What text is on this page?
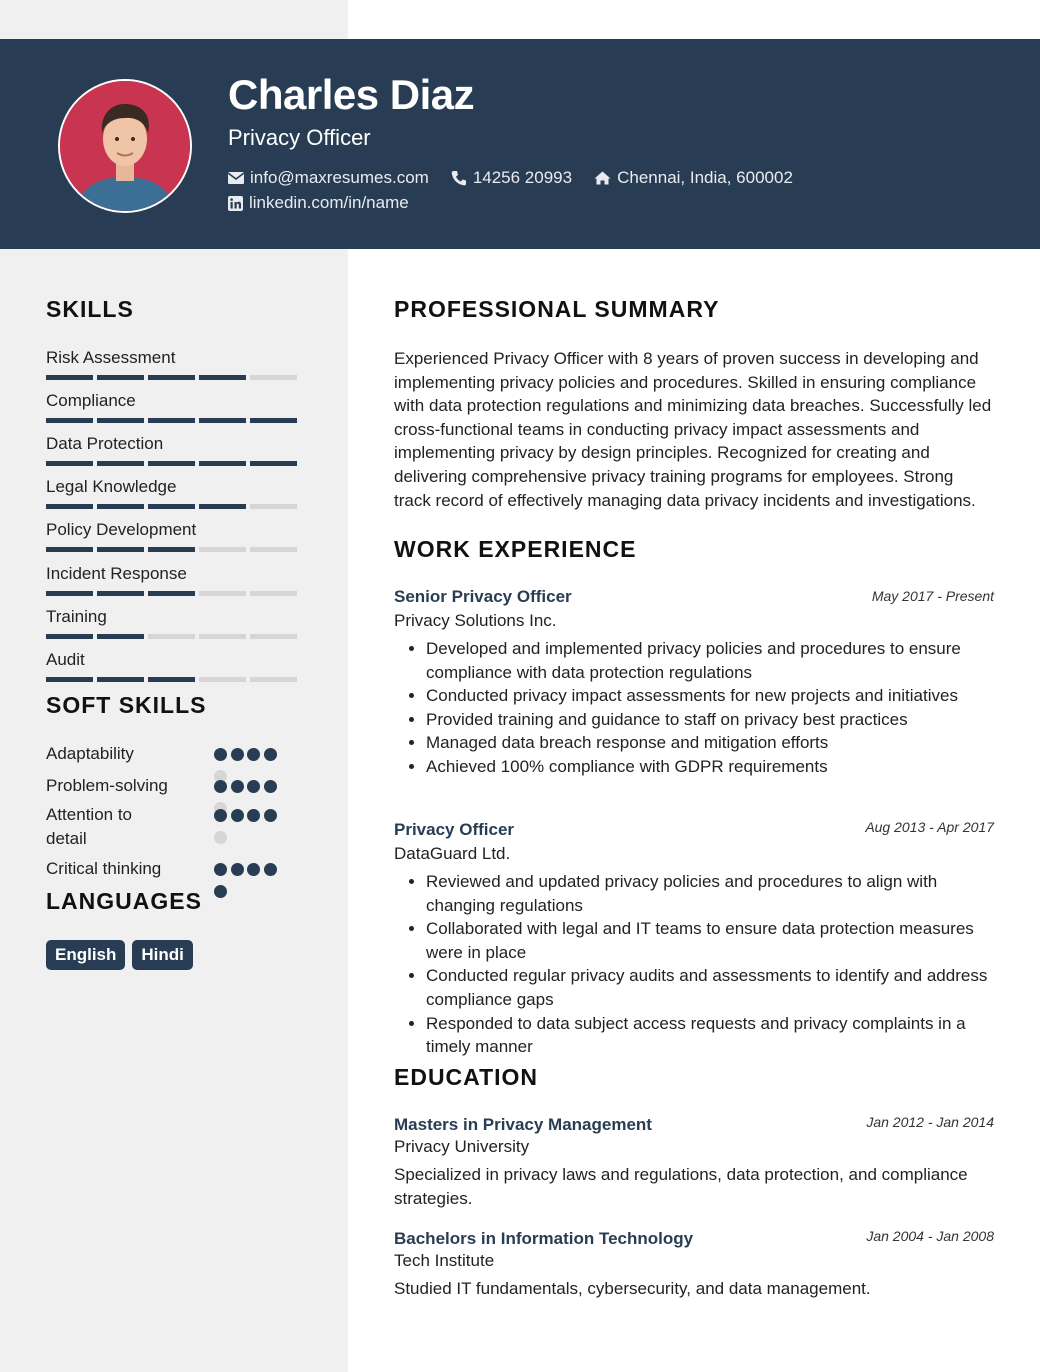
Charles Diaz
Privacy Officer
info@maxresumes.com	14256 20993	Chennai, India, 600002
linkedin.com/in/name
SKILLS
Risk Assessment
Compliance
Data Protection
Legal Knowledge
Policy Development
Incident Response
Training
Audit
SOFT SKILLS
Adaptability
Problem-solving
Attention to detail
Critical thinking
LANGUAGES
English	Hindi
PROFESSIONAL SUMMARY
Experienced Privacy Officer with 8 years of proven success in developing and implementing privacy policies and procedures. Skilled in ensuring compliance with data protection regulations and minimizing data breaches. Successfully led cross-functional teams in conducting privacy impact assessments and implementing privacy by design principles. Recognized for creating and delivering comprehensive privacy training programs for employees. Strong track record of effectively managing data privacy incidents and investigations.
WORK EXPERIENCE
May 2017 - Present
Senior Privacy Officer
Privacy Solutions Inc.
• Developed and implemented privacy policies and procedures to ensure compliance with data protection regulations
• Conducted privacy impact assessments for new projects and initiatives
• Provided training and guidance to staff on privacy best practices
• Managed data breach response and mitigation efforts
• Achieved 100% compliance with GDPR requirements
Aug 2013 - Apr 2017
Privacy Officer
DataGuard Ltd.
• Reviewed and updated privacy policies and procedures to align with changing regulations
• Collaborated with legal and IT teams to ensure data protection measures were in place
• Conducted regular privacy audits and assessments to identify and address compliance gaps
• Responded to data subject access requests and privacy complaints in a timely manner
EDUCATION
Jan 2012 - Jan 2014
Masters in Privacy Management
Privacy University
Specialized in privacy laws and regulations, data protection, and compliance strategies.
Jan 2004 - Jan 2008
Bachelors in Information Technology
Tech Institute
Studied IT fundamentals, cybersecurity, and data management.
